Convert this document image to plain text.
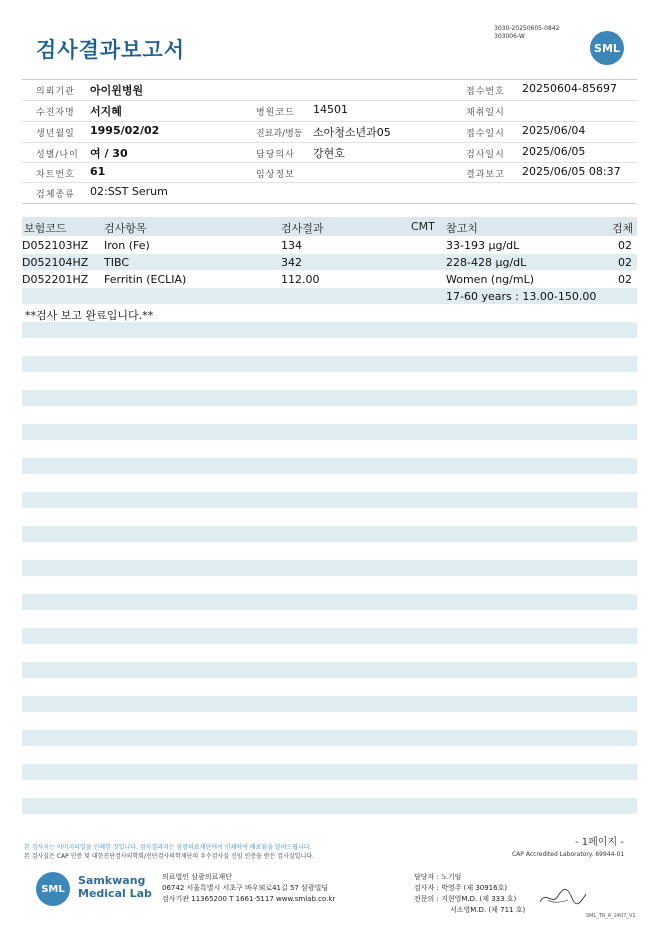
검사결과보고서
3030-20250605-0842
303006-W
SML
의뢰기관 아이윈병원
수진자명 서지혜
생년월일 1995/02/02
성별/나이 여 / 30
차트번호 61
검체종류 02:SST Serum
병원코드 14501
진료과/병동 소아청소년과05
담당의사 강현호
임상정보
접수번호 20250604-85697
채취일시
접수일시 2025/06/04
검사일시 2025/06/05
결과보고 2025/06/05 08:37
보험코드	검사항목	검사결과	CMT 참고치	검체
D052103HZ Iron (Fe)	134	33-193 μg/dL	02
D052104HZ TIBC	342	228-428 μg/dL	02
D052201HZ Ferritin (ECLIA)	112.00	Women (ng/mL)	02
17-60 years : 13.00-150.00
**검사 보고 완료입니다.**
- 1페이지 -
본 검사지는 이미지파일을 인쇄한 것입니다. 검사결과지는 삼광의료재단에서 인쇄하여 배포됨을 알려드립니다.
본 검사실은 CAP 인증 및 대한진단검사의학회/진단검사의학재단의 우수검사실 신임 인증을 받은 검사실입니다.	CAP Accredited Laboratory. 69944-01
SML
Samkwang
Medical Lab
의료법인 삼광의료재단
06742 서울특별시 서초구 바우뫼로41길 57 삼광빌딩
검사기관 11365200 T 1661-5117 www.smlab.co.kr
담당자 : 노기임
검사자 : 박영주 (제 30916호)
전문의 : 지현영M.D. (제 333 호)
서소영M.D. (제 711 호)
SML_TR_A_2407_V1
